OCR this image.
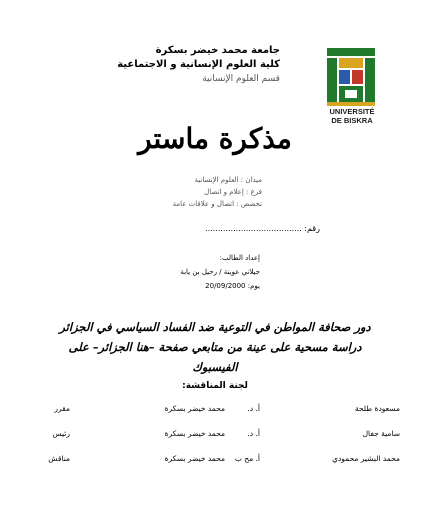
جامعة محمد خيضر بسكرة
كلية العلوم الإنسانية و الاجتماعية
قسم العلوم الإنسانية
UNIVERSITÉ
DE BISKRA
مذكرة ماستر
ميدان : العلوم الإنسانية
فرع : إعلام و اتصال
تخصص : اتصال و علاقات عامة
رقم: ......................................
إعداد الطالب:
جيلاني عوينة / رحيل بن يابة
يوم: 20/09/2000
دور صحافة المواطن في التوعية ضد الفساد السياسي في الجزائر
دراسة مسحية على عينة من متابعي صفحة –هنا الجزائر– على
الفيسبوك
لجنة المناقشة:
مسعودة طلحة
أ. د.
محمد خيضر بسكرة
مقرر
سامية جفال
أ. د.
محمد خيضر بسكرة
رئيس
محمد البشير محمودي
أ. مح ب
محمد خيضر بسكرة
مناقش
